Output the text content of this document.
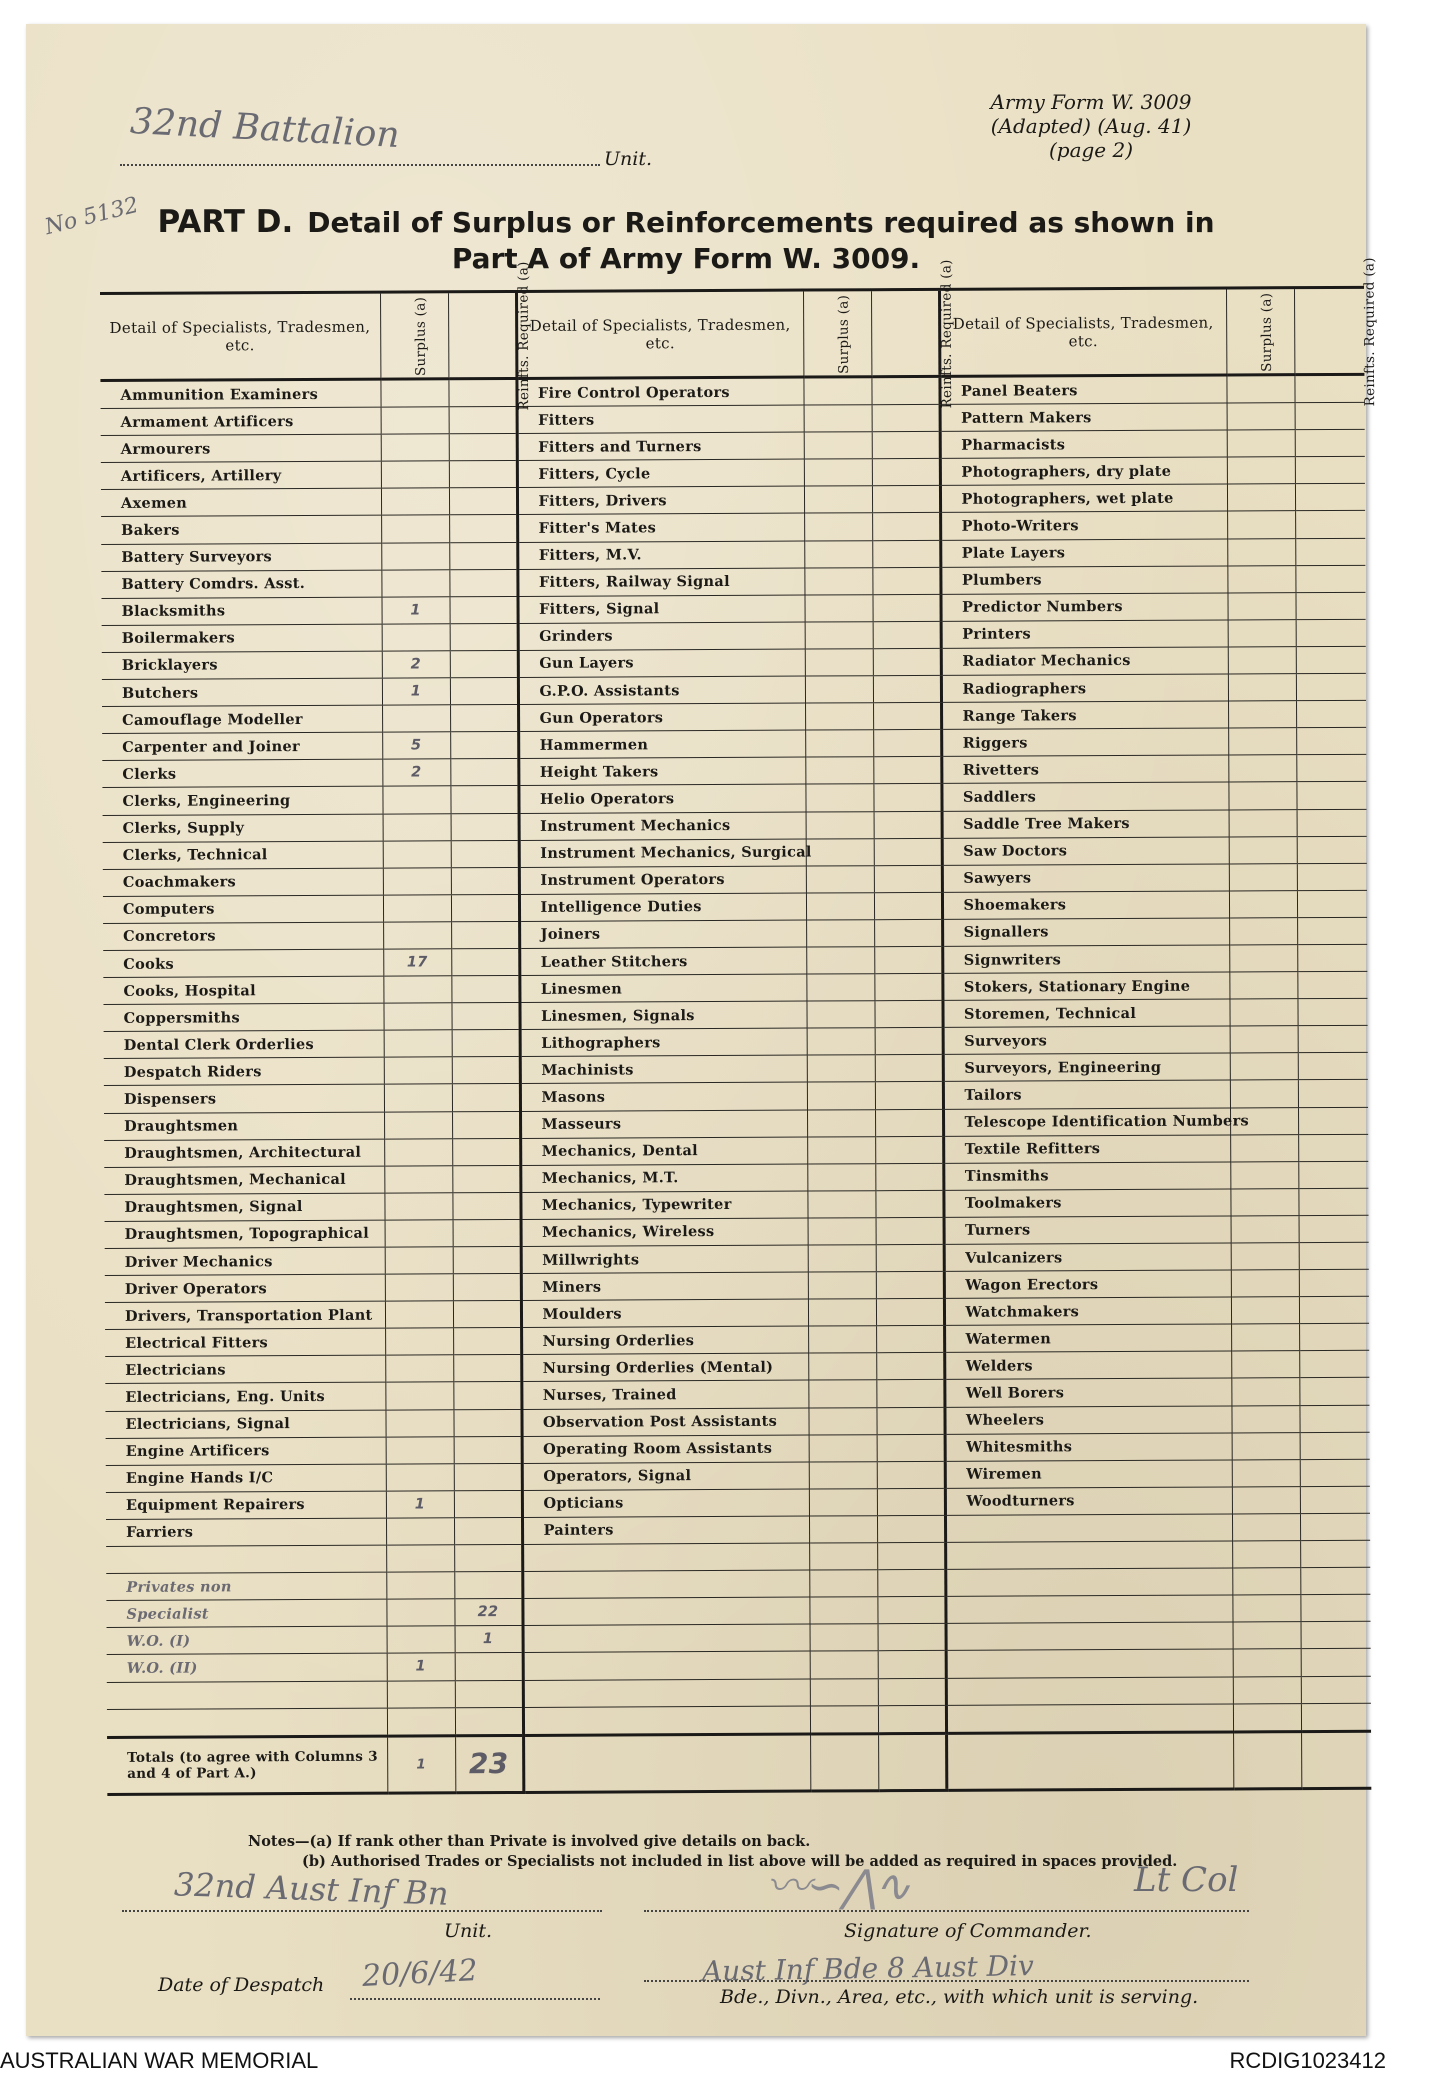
32nd Battalion
Unit.
No 5132
Army Form W. 3009
(Adapted) (Aug. 41)
(page 2)
PART D. Detail of Surplus or Reinforcements required as shown in
Part A of Army Form W. 3009.
Detail of Specialists, Tradesmen, etc.	Surplus (a)	Reinfts. Required (a)	Detail of Specialists, Tradesmen, etc.	Surplus (a)	Reinfts. Required (a)	Detail of Specialists, Tradesmen, etc.	Surplus (a)	Reinfts. Required (a)
Ammunition Examiners			Fire Control Operators			Panel Beaters		
Armament Artificers			Fitters			Pattern Makers		
Armourers			Fitters and Turners			Pharmacists		
Artificers, Artillery			Fitters, Cycle			Photographers, dry plate		
Axemen			Fitters, Drivers			Photographers, wet plate		
Bakers			Fitter's Mates			Photo-Writers		
Battery Surveyors			Fitters, M.V.			Plate Layers		
Battery Comdrs. Asst.			Fitters, Railway Signal			Plumbers		
Blacksmiths	1		Fitters, Signal			Predictor Numbers		
Boilermakers			Grinders			Printers		
Bricklayers	2		Gun Layers			Radiator Mechanics		
Butchers	1		G.P.O. Assistants			Radiographers		
Camouflage Modeller			Gun Operators			Range Takers		
Carpenter and Joiner	5		Hammermen			Riggers		
Clerks	2		Height Takers			Rivetters		
Clerks, Engineering			Helio Operators			Saddlers		
Clerks, Supply			Instrument Mechanics			Saddle Tree Makers		
Clerks, Technical			Instrument Mechanics, Surgical			Saw Doctors		
Coachmakers			Instrument Operators			Sawyers		
Computers			Intelligence Duties			Shoemakers		
Concretors			Joiners			Signallers		
Cooks	17		Leather Stitchers			Signwriters		
Cooks, Hospital			Linesmen			Stokers, Stationary Engine		
Coppersmiths			Linesmen, Signals			Storemen, Technical		
Dental Clerk Orderlies			Lithographers			Surveyors		
Despatch Riders			Machinists			Surveyors, Engineering		
Dispensers			Masons			Tailors		
Draughtsmen			Masseurs			Telescope Identification Numbers		
Draughtsmen, Architectural			Mechanics, Dental			Textile Refitters		
Draughtsmen, Mechanical			Mechanics, M.T.			Tinsmiths		
Draughtsmen, Signal			Mechanics, Typewriter			Toolmakers		
Draughtsmen, Topographical			Mechanics, Wireless			Turners		
Driver Mechanics			Millwrights			Vulcanizers		
Driver Operators			Miners			Wagon Erectors		
Drivers, Transportation Plant			Moulders			Watchmakers		
Electrical Fitters			Nursing Orderlies			Watermen		
Electricians			Nursing Orderlies (Mental)			Welders		
Electricians, Eng. Units			Nurses, Trained			Well Borers		
Electricians, Signal			Observation Post Assistants			Wheelers		
Engine Artificers			Operating Room Assistants			Whitesmiths		
Engine Hands I/C			Operators, Signal			Wiremen		
Equipment Repairers	1		Opticians			Woodturners		
Farriers			Painters					

Privates non								
Specialist		22						
W.O. (I)		1						
W.O. (II)	1							

Totals (to agree with Columns 3 and 4 of Part A.)	1	23						
Notes—(a) If rank other than Private is involved give details on back.
(b) Authorised Trades or Specialists not included in list above will be added as required in spaces provided.
32nd Aust Inf Bn
Unit.
〰∽⋀∿	Lt Col
Signature of Commander.
Date of Despatch 20/6/42	Aust Inf Bde 8 Aust Div
Bde., Divn., Area, etc., with which unit is serving.
AUSTRALIAN WAR MEMORIAL	RCDIG1023412
